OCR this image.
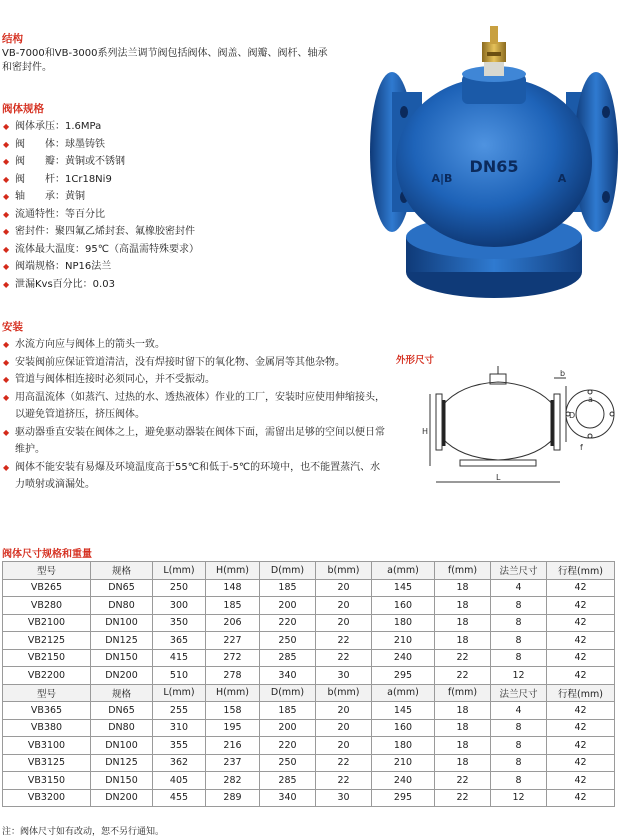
结构
VB-7000和VB-3000系列法兰调节阀包括阀体、阀盖、阀瓣、阀杆、轴承和密封件。
阀体规格
◆ 阀体承压：1.6MPa
◆ 阀　　体：球墨铸铁
◆ 阀　　瓣：黄铜或不锈钢
◆ 阀　　杆：1Cr18Ni9
◆ 轴　　承：黄铜
◆ 流通特性：等百分比
◆ 密封件：聚四氟乙烯封套、氟橡胶密封件
◆ 流体最大温度：95℃（高温需特殊要求）
◆ 阀端规格：NP16法兰
◆ 泄漏Kvs百分比：0.03
DN65
A|B	A
安装
◆ 水流方向应与阀体上的箭头一致。
◆ 安装阀前应保证管道清洁，没有焊接时留下的氧化物、金属屑等其他杂物。
◆ 管道与阀体相连接时必须同心，并不受振动。
◆ 用高温流体（如蒸汽、过热的水、透热液体）作业的工厂，安装时应使用伸缩接头，以避免管道挤压，挤压阀体。
◆ 驱动器垂直安装在阀体之上，避免驱动器装在阀体下面，需留出足够的空间以便日常维护。
◆ 阀体不能安装有易爆及环境温度高于55℃和低于-5℃的环境中，也不能置蒸汽、水力喷射或滴漏处。
外形尺寸
b
a
f
H
D
L
阀体尺寸规格和重量
型号	规格	L(mm)	H(mm)	D(mm)	b(mm)	a(mm)	f(mm)	法兰尺寸	行程(mm)
VB265	DN65	250	148	185	20	145	18	4	42
VB280	DN80	300	185	200	20	160	18	8	42
VB2100	DN100	350	206	220	20	180	18	8	42
VB2125	DN125	365	227	250	22	210	18	8	42
VB2150	DN150	415	272	285	22	240	22	8	42
VB2200	DN200	510	278	340	30	295	22	12	42
型号	规格	L(mm)	H(mm)	D(mm)	b(mm)	a(mm)	f(mm)	法兰尺寸	行程(mm)
VB365	DN65	255	158	185	20	145	18	4	42
VB380	DN80	310	195	200	20	160	18	8	42
VB3100	DN100	355	216	220	20	180	18	8	42
VB3125	DN125	362	237	250	22	210	18	8	42
VB3150	DN150	405	282	285	22	240	22	8	42
VB3200	DN200	455	289	340	30	295	22	12	42
注：阀体尺寸如有改动，恕不另行通知。
